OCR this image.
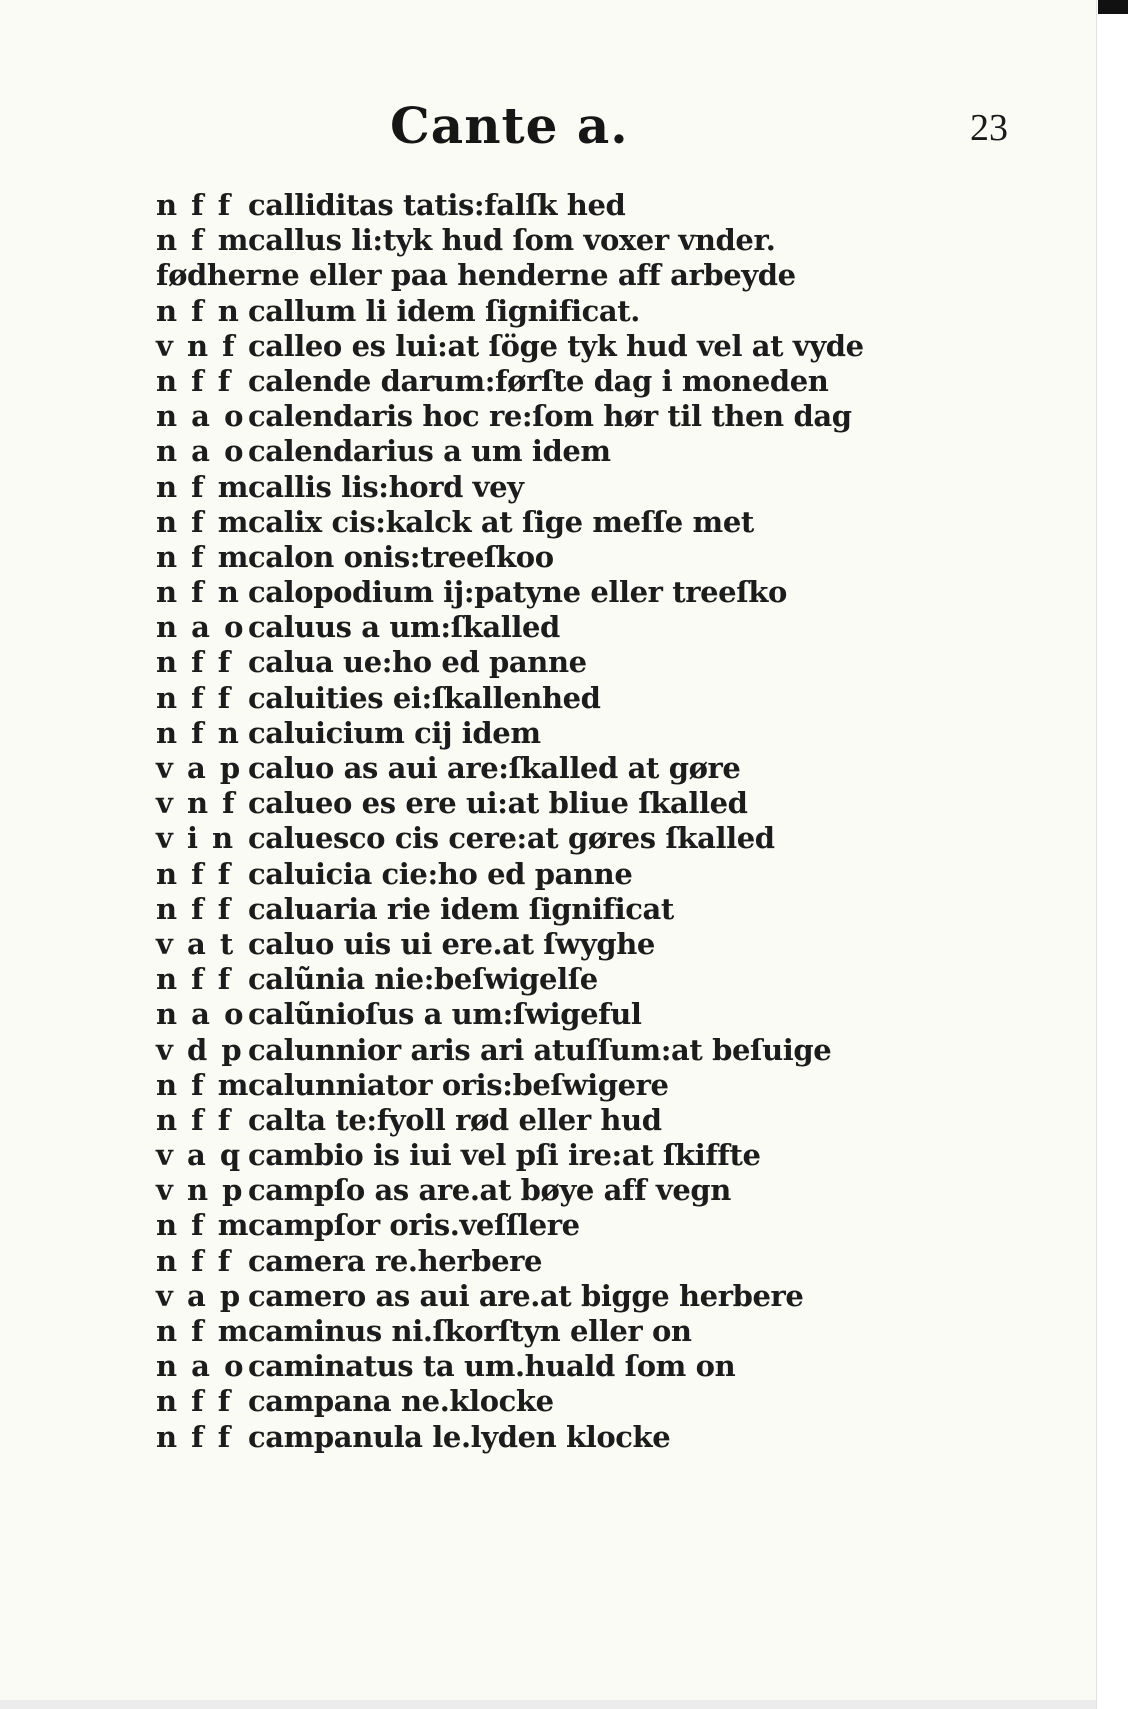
Cante a.	23
n f f calliditas tatis:falſk hed
n f mcallus li:tyk hud ſom voxer vnder.
fødherne eller paa henderne aff arbeyde
n f n callum li idem ſignificat.
v n f calleo es lui:at ſöge tyk hud vel at vyde
n f f calende darum:førſte dag i moneden
n a ocalendaris hoc re:ſom hør til then dag
n a ocalendarius a um idem
n f mcallis lis:hord vey
n f mcalix cis:kalck at ſige meſſe met
n f mcalon onis:treeſkoo
n f n calopodium ij:patyne eller treeſko
n a ocaluus a um:ſkalled
n f f calua ue:ho ed panne
n f f caluities ei:ſkallenhed
n f n caluicium cij idem
v a p caluo as aui are:ſkalled at gøre
v n f calueo es ere ui:at bliue ſkalled
v i n caluesco cis cere:at gøres ſkalled
n f f caluicia cie:ho ed panne
n f f caluaria rie idem ſignificat
v a t caluo uis ui ere.at ſwyghe
n f f calũnia nie:beſwigelſe
n a ocalũnioſus a um:ſwigeful
v d p calunnior aris ari atuſſum:at beſuige
n f mcalunniator oris:beſwigere
n f f calta te:fyoll rød eller hud
v a q cambio is iui vel pſi ire:at ſkiffte
v n p campſo as are.at bøye aff vegn
n f mcampſor oris.veſſlere
n f f camera re.herbere
v a p camero as aui are.at bigge herbere
n f mcaminus ni.ſkorſtyn eller on
n a ocaminatus ta um.huald ſom on
n f f campana ne.klocke
n f f campanula le.lyden klocke
